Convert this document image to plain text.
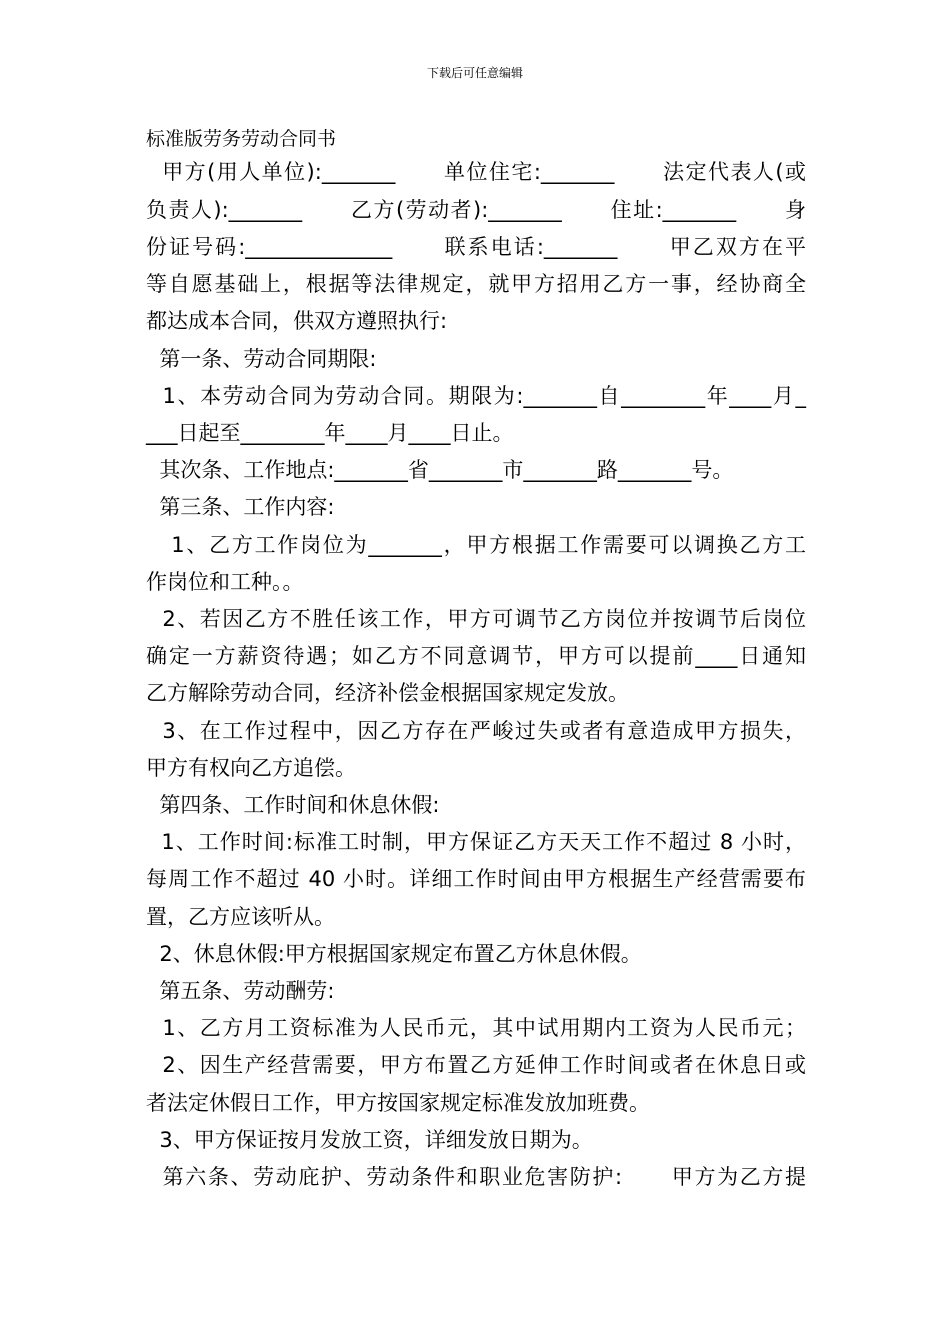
下载后可任意编辑
标准版劳务劳动合同书
甲方(用人单位):_______      单位住宅:_______      法定代表人(或
负责人):_______      乙方(劳动者):_______      住址:_______      身
份证号码:______________      联系电话:_______      甲乙双方在平
等自愿基础上，根据等法律规定，就甲方招用乙方一事，经协商全
都达成本合同，供双方遵照执行:
第一条、劳动合同期限:
1、本劳动合同为劳动合同。期限为:_______自________年____月_
___日起至________年____月____日止。
其次条、工作地点:_______省_______市_______路_______号。
第三条、工作内容:
1、乙方工作岗位为_______，甲方根据工作需要可以调换乙方工
作岗位和工种。。
2、若因乙方不胜任该工作，甲方可调节乙方岗位并按调节后岗位
确定一方薪资待遇；如乙方不同意调节，甲方可以提前____日通知
乙方解除劳动合同，经济补偿金根据国家规定发放。
3、在工作过程中，因乙方存在严峻过失或者有意造成甲方损失，
甲方有权向乙方追偿。
第四条、工作时间和休息休假:
1、工作时间:标准工时制，甲方保证乙方天天工作不超过 8 小时，
每周工作不超过 40 小时。详细工作时间由甲方根据生产经营需要布
置，乙方应该听从。
2、休息休假:甲方根据国家规定布置乙方休息休假。
第五条、劳动酬劳:
1、乙方月工资标准为人民币元，其中试用期内工资为人民币元；
2、因生产经营需要，甲方布置乙方延伸工作时间或者在休息日或
者法定休假日工作，甲方按国家规定标准发放加班费。
3、甲方保证按月发放工资，详细发放日期为。
第六条、劳动庇护、劳动条件和职业危害防护:      甲方为乙方提
